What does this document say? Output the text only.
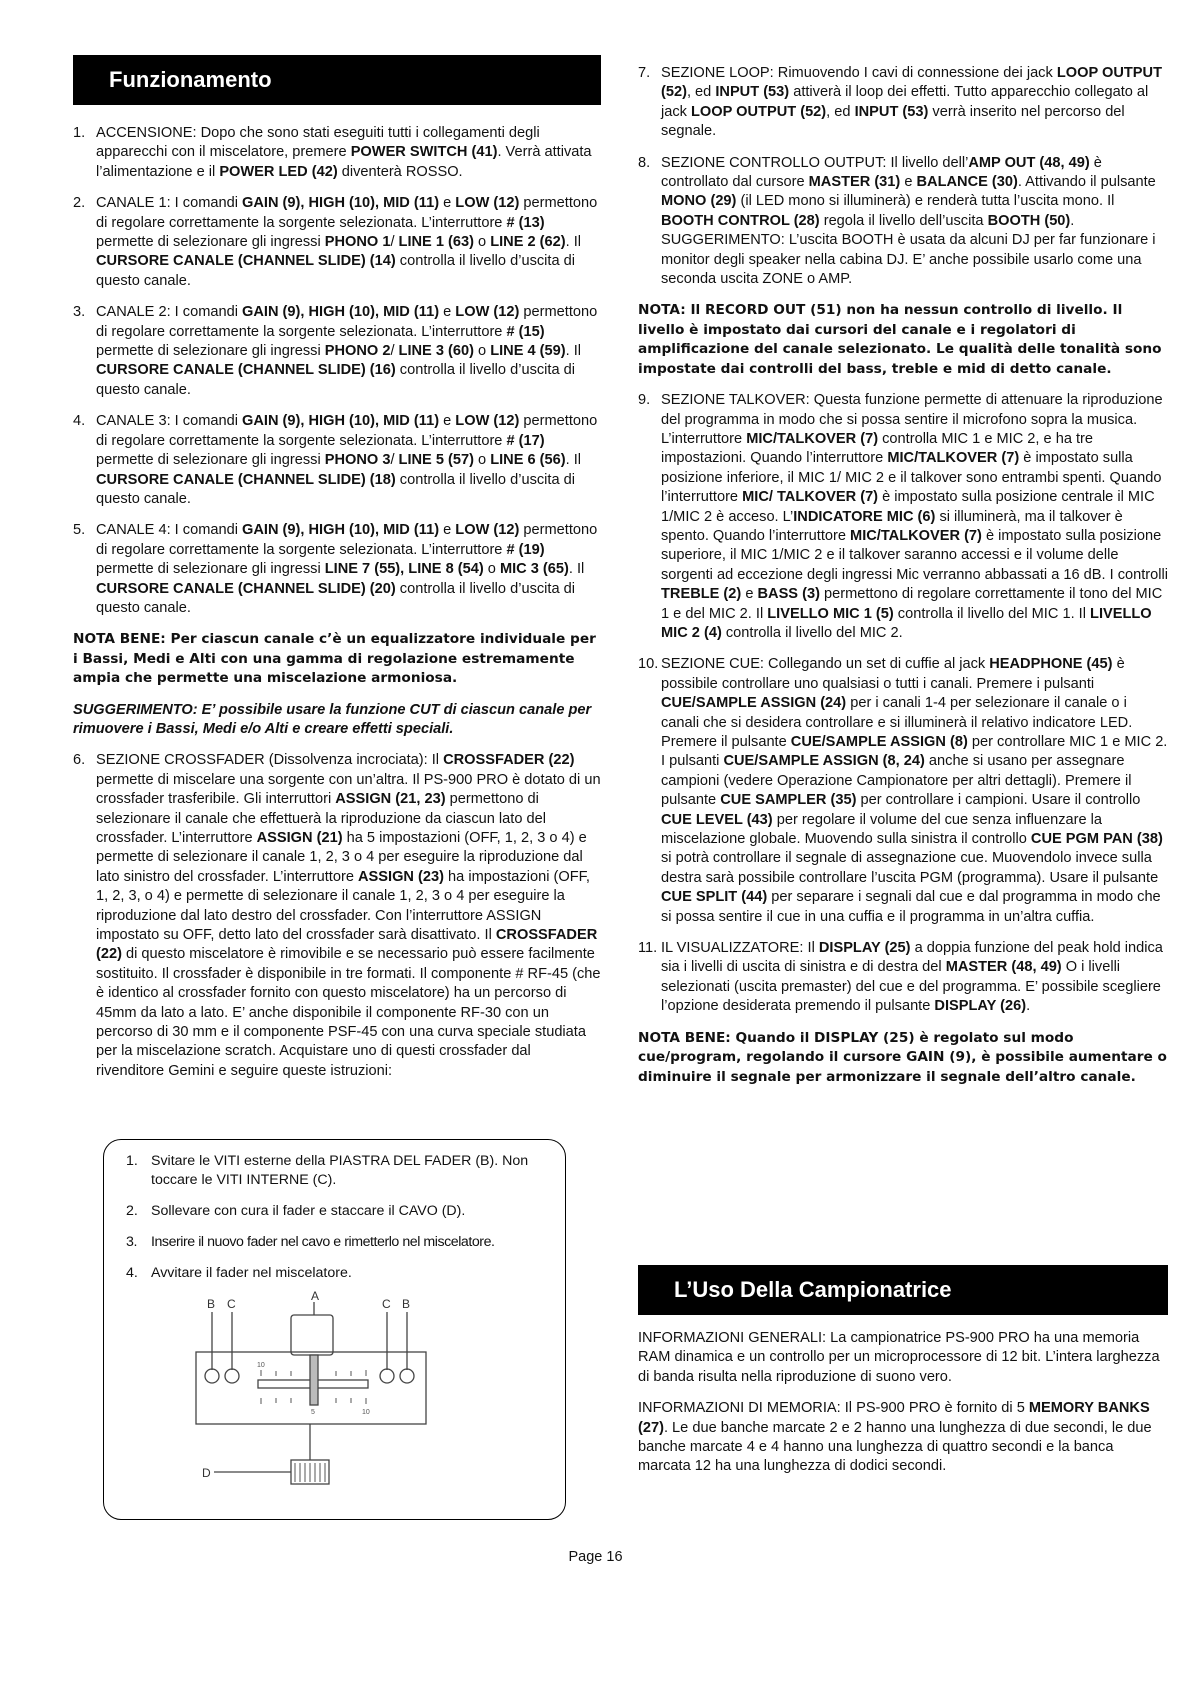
Funzionamento
1. ACCENSIONE: Dopo che sono stati eseguiti tutti i collegamenti degli apparecchi con il miscelatore, premere POWER SWITCH (41). Verrà attivata l’alimentazione e il POWER LED (42) diventerà ROSSO.
2. CANALE 1: I comandi GAIN (9), HIGH (10), MID (11) e LOW (12) permettono di regolare correttamente la sorgente selezionata. L’interruttore # (13) permette di selezionare gli ingressi PHONO 1/ LINE 1 (63) o LINE 2 (62). Il CURSORE CANALE (CHANNEL SLIDE) (14) controlla il livello d’uscita di questo canale.
3. CANALE 2: I comandi GAIN (9), HIGH (10), MID (11) e LOW (12) permettono di regolare correttamente la sorgente selezionata. L’interruttore # (15) permette di selezionare gli ingressi PHONO 2/ LINE 3 (60) o LINE 4 (59). Il CURSORE CANALE (CHANNEL SLIDE) (16) controlla il livello d’uscita di questo canale.
4. CANALE 3: I comandi GAIN (9), HIGH (10), MID (11) e LOW (12) permettono di regolare correttamente la sorgente selezionata. L’interruttore # (17) permette di selezionare gli ingressi PHONO 3/ LINE 5 (57) o LINE 6 (56). Il CURSORE CANALE (CHANNEL SLIDE) (18) controlla il livello d’uscita di questo canale.
5. CANALE 4: I comandi GAIN (9), HIGH (10), MID (11) e LOW (12) permettono di regolare correttamente la sorgente selezionata. L’interruttore # (19) permette di selezionare gli ingressi LINE 7 (55), LINE 8 (54) o MIC 3 (65). Il CURSORE CANALE (CHANNEL SLIDE) (20) controlla il livello d’uscita di questo canale.

NOTA BENE: Per ciascun canale c’è un equalizzatore individuale per i Bassi, Medi e Alti con una gamma di regolazione estremamente ampia che permette una miscelazione armoniosa.

SUGGERIMENTO: E’ possibile usare la funzione CUT di ciascun canale per rimuovere i Bassi, Medi e/o Alti e creare effetti speciali.

6. SEZIONE CROSSFADER (Dissolvenza incrociata): Il CROSSFADER (22) permette di miscelare una sorgente con un’altra. Il PS-900 PRO è dotato di un crossfader trasferibile. Gli interruttori ASSIGN (21, 23) permettono di selezionare il canale che effettuerà la riproduzione da ciascun lato del crossfader. L’interruttore ASSIGN (21) ha 5 impostazioni (OFF, 1, 2, 3 o 4) e permette di selezionare il canale 1, 2, 3 o 4 per eseguire la riproduzione dal lato sinistro del crossfader. L’interruttore ASSIGN (23) ha impostazioni (OFF, 1, 2, 3, o 4) e permette di selezionare il canale 1, 2, 3 o 4 per eseguire la riproduzione dal lato destro del crossfader. Con l’interruttore ASSIGN impostato su OFF, detto lato del crossfader sarà disattivato. Il CROSSFADER (22) di questo miscelatore è rimovibile e se necessario può essere facilmente sostituito. Il crossfader è disponibile in tre formati. Il componente # RF-45 (che è identico al crossfader fornito con questo miscelatore) ha un percorso di 45mm da lato a lato. E’ anche disponibile il componente RF-30 con un percorso di 30 mm e il componente PSF-45 con una curva speciale studiata per la miscelazione scratch. Acquistare uno di questi crossfader dal rivenditore Gemini e seguire queste istruzioni:
1. Svitare le VITI esterne della PIASTRA DEL FADER (B). Non toccare le VITI INTERNE (C).
2. Sollevare con cura il fader e staccare il CAVO (D).
3. Inserire il nuovo fader nel cavo e rimetterlo nel miscelatore.
4. Avvitare il fader nel miscelatore.
A
B C	C B
D
10
5	10
7. SEZIONE LOOP: Rimuovendo I cavi di connessione dei jack LOOP OUTPUT (52), ed INPUT (53) attiverà il loop dei effetti. Tutto apparecchio collegato al jack LOOP OUTPUT (52), ed INPUT (53) verrà inserito nel percorso del segnale.
8. SEZIONE CONTROLLO OUTPUT: Il livello dell’AMP OUT (48, 49) è controllato dal cursore MASTER (31) e BALANCE (30). Attivando il pulsante MONO (29) (il LED mono si illuminerà) e renderà tutta l’uscita mono. Il BOOTH CONTROL (28) regola il livello dell’uscita BOOTH (50). SUGGERIMENTO: L’uscita BOOTH è usata da alcuni DJ per far funzionare i monitor degli speaker nella cabina DJ. E’ anche possibile usarlo come una seconda uscita ZONE o AMP.

NOTA: Il RECORD OUT (51) non ha nessun controllo di livello. Il livello è impostato dai cursori del canale e i regolatori di amplificazione del canale selezionato. Le qualità delle tonalità sono impostate dai controlli del bass, treble e mid di detto canale.

9. SEZIONE TALKOVER: Questa funzione permette di attenuare la riproduzione del programma in modo che si possa sentire il microfono sopra la musica. L’interruttore MIC/TALKOVER (7) controlla MIC 1 e MIC 2, e ha tre impostazioni. Quando l’interruttore MIC/TALKOVER (7) è impostato sulla posizione inferiore, il MIC 1/ MIC 2 e il talkover sono entrambi spenti. Quando l’interruttore MIC/ TALKOVER (7) è impostato sulla posizione centrale il MIC 1/MIC 2 è acceso. L’INDICATORE MIC (6) si illuminerà, ma il talkover è spento. Quando l’interruttore MIC/TALKOVER (7) è impostato sulla posizione superiore, il MIC 1/MIC 2 e il talkover saranno accessi e il volume delle sorgenti ad eccezione degli ingressi Mic verranno abbassati a 16 dB. I controlli TREBLE (2) e BASS (3) permettono di regolare correttamente il tono del MIC 1 e del MIC 2. Il LIVELLO MIC 1 (5) controlla il livello del MIC 1. Il LIVELLO MIC 2 (4) controlla il livello del MIC 2.
10. SEZIONE CUE: Collegando un set di cuffie al jack HEADPHONE (45) è possibile controllare uno qualsiasi o tutti i canali. Premere i pulsanti CUE/SAMPLE ASSIGN (24) per i canali 1-4 per selezionare il canale o i canali che si desidera controllare e si illuminerà il relativo indicatore LED. Premere il pulsante CUE/SAMPLE ASSIGN (8) per controllare MIC 1 e MIC 2. I pulsanti CUE/SAMPLE ASSIGN (8, 24) anche si usano per assegnare campioni (vedere Operazione Campionatore per altri dettagli). Premere il pulsante CUE SAMPLER (35) per controllare i campioni. Usare il controllo CUE LEVEL (43) per regolare il volume del cue senza influenzare la miscelazione globale. Muovendo sulla sinistra il controllo CUE PGM PAN (38) si potrà controllare il segnale di assegnazione cue. Muovendolo invece sulla destra sarà possibile controllare l’uscita PGM (programma). Usare il pulsante CUE SPLIT (44) per separare i segnali dal cue e dal programma in modo che si possa sentire il cue in una cuffia e il programma in un’altra cuffia.
11. IL VISUALIZZATORE: Il DISPLAY (25) a doppia funzione del peak hold indica sia i livelli di uscita di sinistra e di destra del MASTER (48, 49) O i livelli selezionati (uscita premaster) del cue e del programma. E’ possibile scegliere l’opzione desiderata premendo il pulsante DISPLAY (26).

NOTA BENE: Quando il DISPLAY (25) è regolato sul modo cue/program, regolando il cursore GAIN (9), è possibile aumentare o diminuire il segnale per armonizzare il segnale dell’altro canale.

L’Uso Della Campionatrice

INFORMAZIONI GENERALI: La campionatrice PS-900 PRO ha una memoria RAM dinamica e un controllo per un microprocessore di 12 bit. L’intera larghezza di banda risulta nella riproduzione di suono vero.

INFORMAZIONI DI MEMORIA: Il PS-900 PRO è fornito di 5 MEMORY BANKS (27). Le due banche marcate 2 e 2 hanno una lunghezza di due secondi, le due banche marcate 4 e 4 hanno una lunghezza di quattro secondi e la banca marcata 12 ha una lunghezza di dodici secondi.

Page 16
